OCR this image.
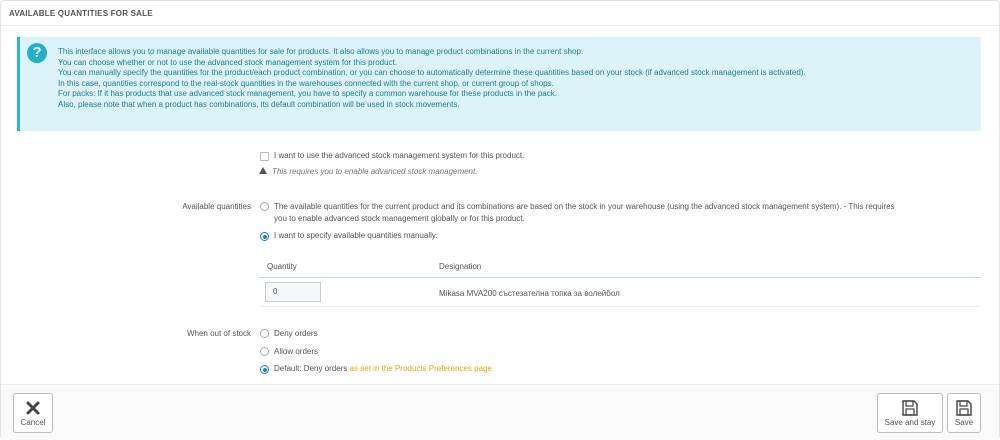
AVAILABLE QUANTITIES FOR SALE
?	This interface allows you to manage available quantities for sale for products. It also allows you to manage product combinations in the current shop.
You can choose whether or not to use the advanced stock management system for this product.
You can manually specify the quantities for the product/each product combination, or you can choose to automatically determine these quantities based on your stock (if advanced stock management is activated).
In this case, quantities correspond to the real-stock quantities in the warehouses connected with the current shop, or current group of shops.
For packs: If it has products that use advanced stock management, you have to specify a common warehouse for these products in the pack.
Also, please note that when a product has combinations, its default combination will be used in stock movements.
I want to use the advanced stock management system for this product.
This requires you to enable advanced stock management.
Available quantities	The available quantities for the current product and its combinations are based on the stock in your warehouse (using the advanced stock management system). - This requires
you to enable advanced stock management globally or for this product.
I want to specify available quantities manually.
Quantity	Designation
0	Mikasa MVA200 състезателна топка за волейбол
When out of stock	Deny orders
Allow orders
Default: Deny orders as set in the Products Preferences page
Cancel	Save and stay	Save
